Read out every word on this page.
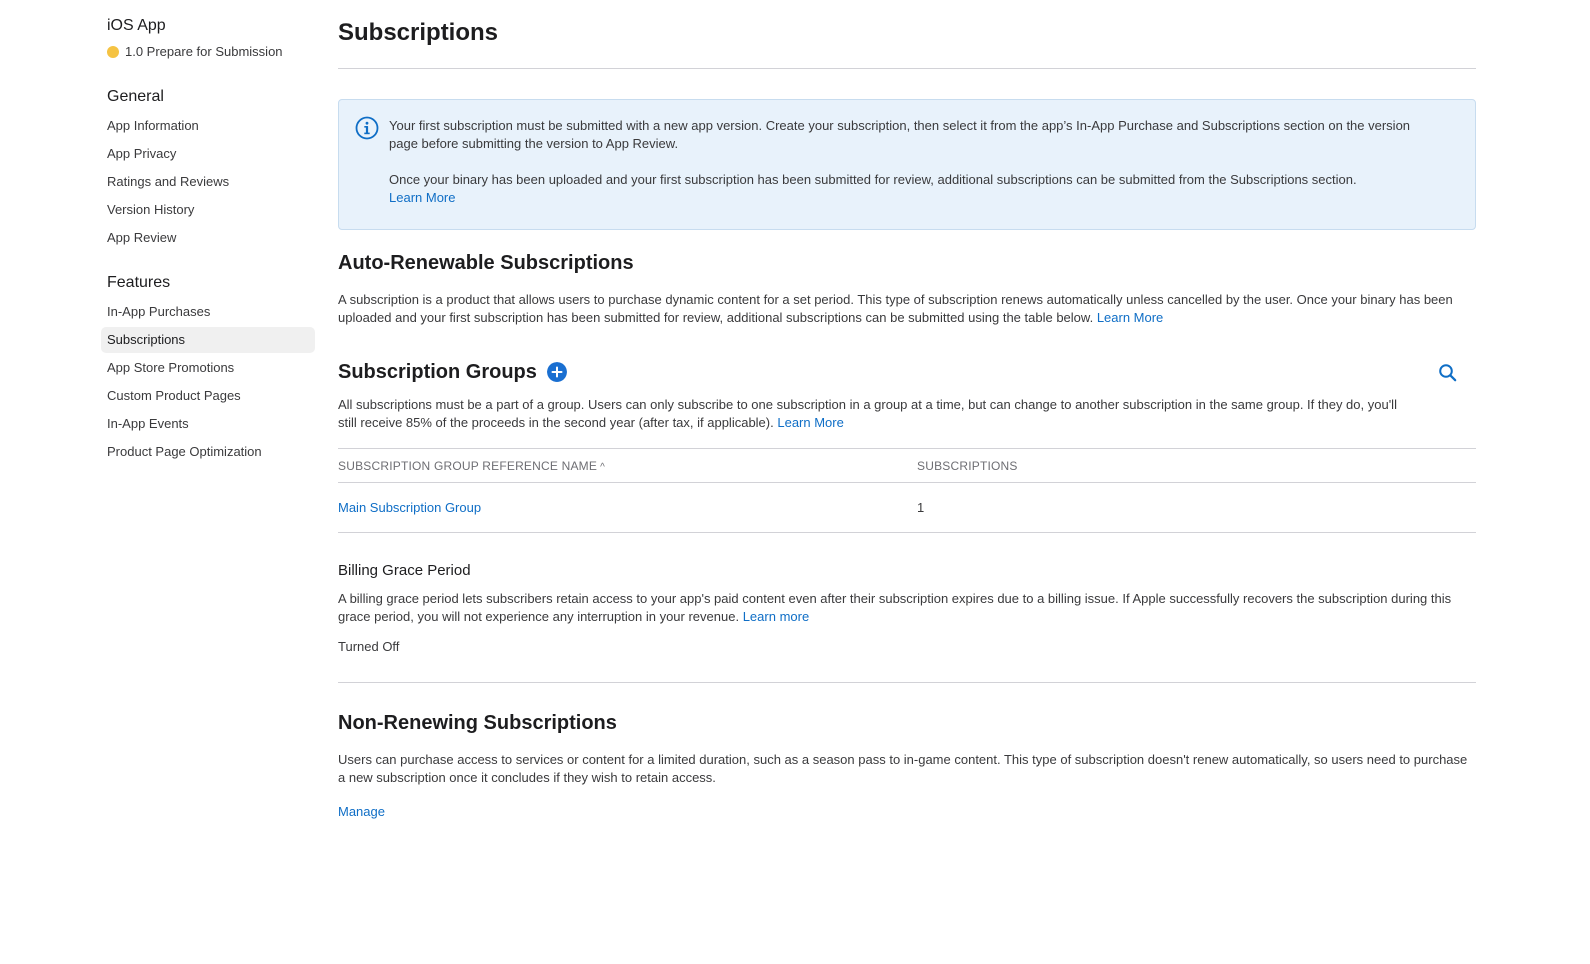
iOS App
1.0 Prepare for Submission
General
App Information
App Privacy
Ratings and Reviews
Version History
App Review
Features
In-App Purchases
Subscriptions
App Store Promotions
Custom Product Pages
In-App Events
Product Page Optimization
Subscriptions

Your first subscription must be submitted with a new app version. Create your subscription, then select it from the app’s In-App Purchase and Subscriptions section on the version page before submitting the version to App Review.

Once your binary has been uploaded and your first subscription has been submitted for review, additional subscriptions can be submitted from the Subscriptions section.
Learn More

Auto-Renewable Subscriptions

A subscription is a product that allows users to purchase dynamic content for a set period. This type of subscription renews automatically unless cancelled by the user. Once your binary has been uploaded and your first subscription has been submitted for review, additional subscriptions can be submitted using the table below. Learn More

Subscription Groups

All subscriptions must be a part of a group. Users can only subscribe to one subscription in a group at a time, but can change to another subscription in the same group. If they do, you'll still receive 85% of the proceeds in the second year (after tax, if applicable). Learn More

SUBSCRIPTION GROUP REFERENCE NAME ^	SUBSCRIPTIONS
Main Subscription Group	1
Billing Grace Period

A billing grace period lets subscribers retain access to your app's paid content even after their subscription expires due to a billing issue. If Apple successfully recovers the subscription during this grace period, you will not experience any interruption in your revenue. Learn more

Turned Off
Non-Renewing Subscriptions

Users can purchase access to services or content for a limited duration, such as a season pass to in-game content. This type of subscription doesn't renew automatically, so users need to purchase a new subscription once it concludes if they wish to retain access.

Manage
